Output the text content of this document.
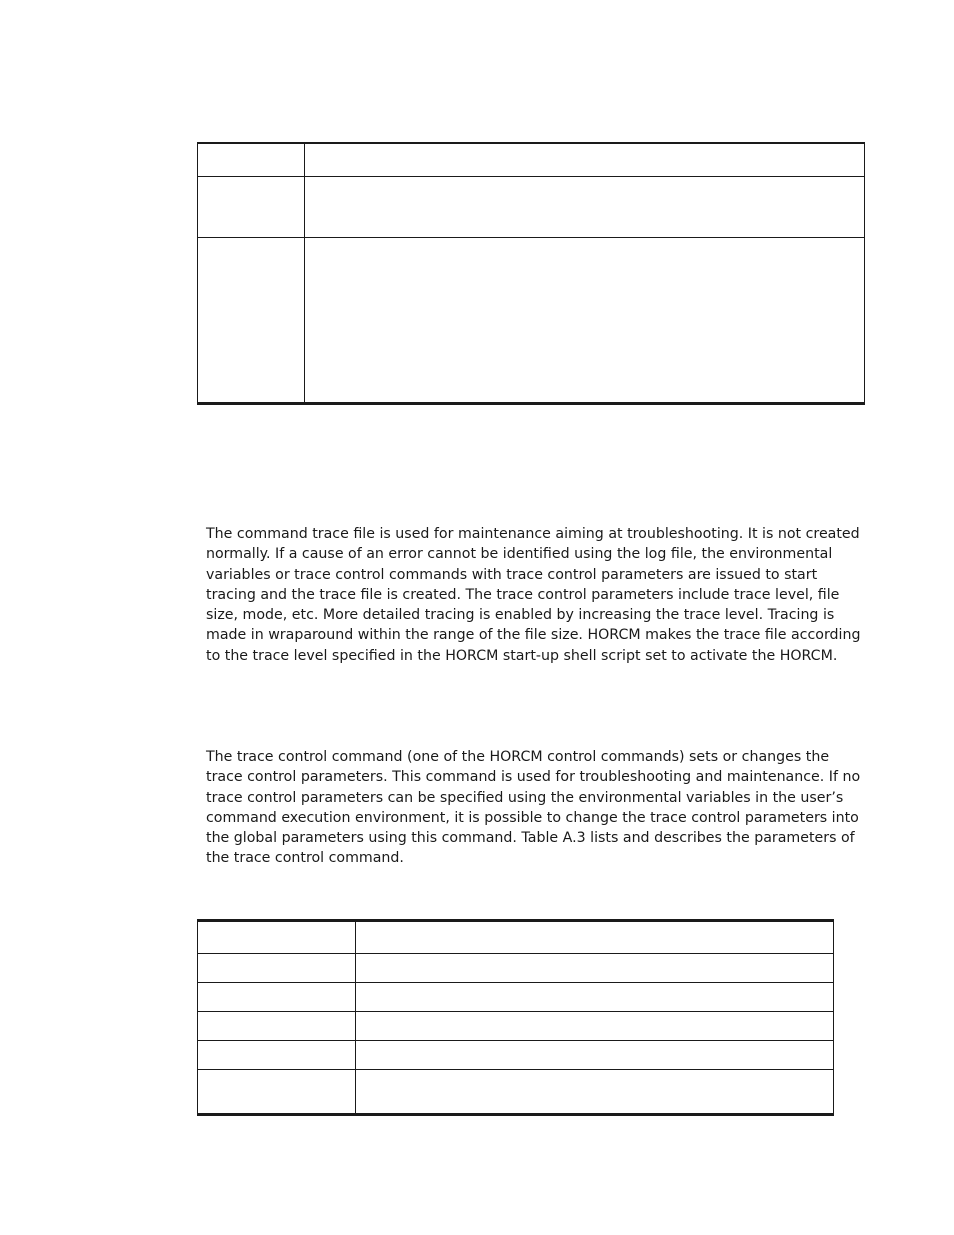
The command trace file is used for maintenance aiming at troubleshooting. It is not created normally. If a cause of an error cannot be identified using the log file, the environmental variables or trace control commands with trace control parameters are issued to start tracing and the trace file is created. The trace control parameters include trace level, file size, mode, etc. More detailed tracing is enabled by increasing the trace level. Tracing is made in wraparound within the range of the file size. HORCM makes the trace file according to the trace level specified in the HORCM start-up shell script set to activate the HORCM.

The trace control command (one of the HORCM control commands) sets or changes the trace control parameters. This command is used for troubleshooting and maintenance. If no trace control parameters can be specified using the environmental variables in the user’s command execution environment, it is possible to change the trace control parameters into the global parameters using this command. Table A.3 lists and describes the parameters of the trace control command.
